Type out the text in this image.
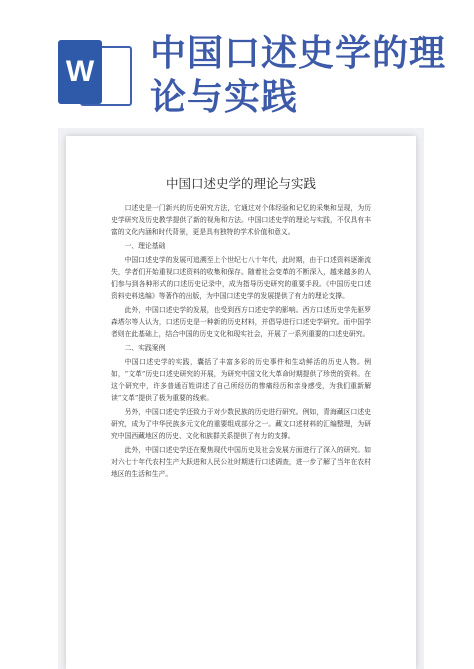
W 中国口述史学的理论与实践
中国口述史学的理论与实践

口述史是一门新兴的历史研究方法，它通过对个体经验和记忆的采集和呈现，为历史学研究及历史教学提供了新的视角和方法。中国口述史学的理论与实践，不仅具有丰富的文化内涵和时代背景，更是具有独特的学术价值和意义。

一、理论基础

中国口述史学的发展可追溯至上个世纪七八十年代，此时期，由于口述资料逐渐流失，学者们开始重视口述资料的收集和保存。随着社会变革的不断深入，越来越多的人们参与到各种形式的口述历史记录中，成为指导历史研究的重要手段。《中国历史口述资料史料选编》等著作的出版，为中国口述史学的发展提供了有力的理论支撑。

此外，中国口述史学的发展，也受到西方口述史学的影响。西方口述历史学先驱罗森塔尔等人认为，口述历史是一种新的历史材料，并倡导进行口述史学研究。而中国学者则在此基础上，结合中国的历史文化和现实社会，开展了一系列重要的口述史研究。

二、实践案例

中国口述史学的实践，囊括了丰富多彩的历史事件和生动鲜活的历史人物。例如，“文革”历史口述史研究的开展，为研究中国文化大革命时期提供了珍贵的资料。在这个研究中，许多普通百姓讲述了自己所经历的惨痛经历和亲身感受，为我们重新解读“文革”提供了极为重要的线索。

另外，中国口述史学还致力于对少数民族的历史进行研究。例如，青海藏区口述史研究，成为了中华民族多元文化的重要组成部分之一。藏文口述材料的汇编整理，为研究中国西藏地区的历史、文化和族群关系提供了有力的支撑。

此外，中国口述史学还在聚焦现代中国历史及社会发展方面进行了深入的研究。如对六七十年代农村生产大跃进和人民公社时期进行口述调查，进一步了解了当年在农村地区的生活和生产。
